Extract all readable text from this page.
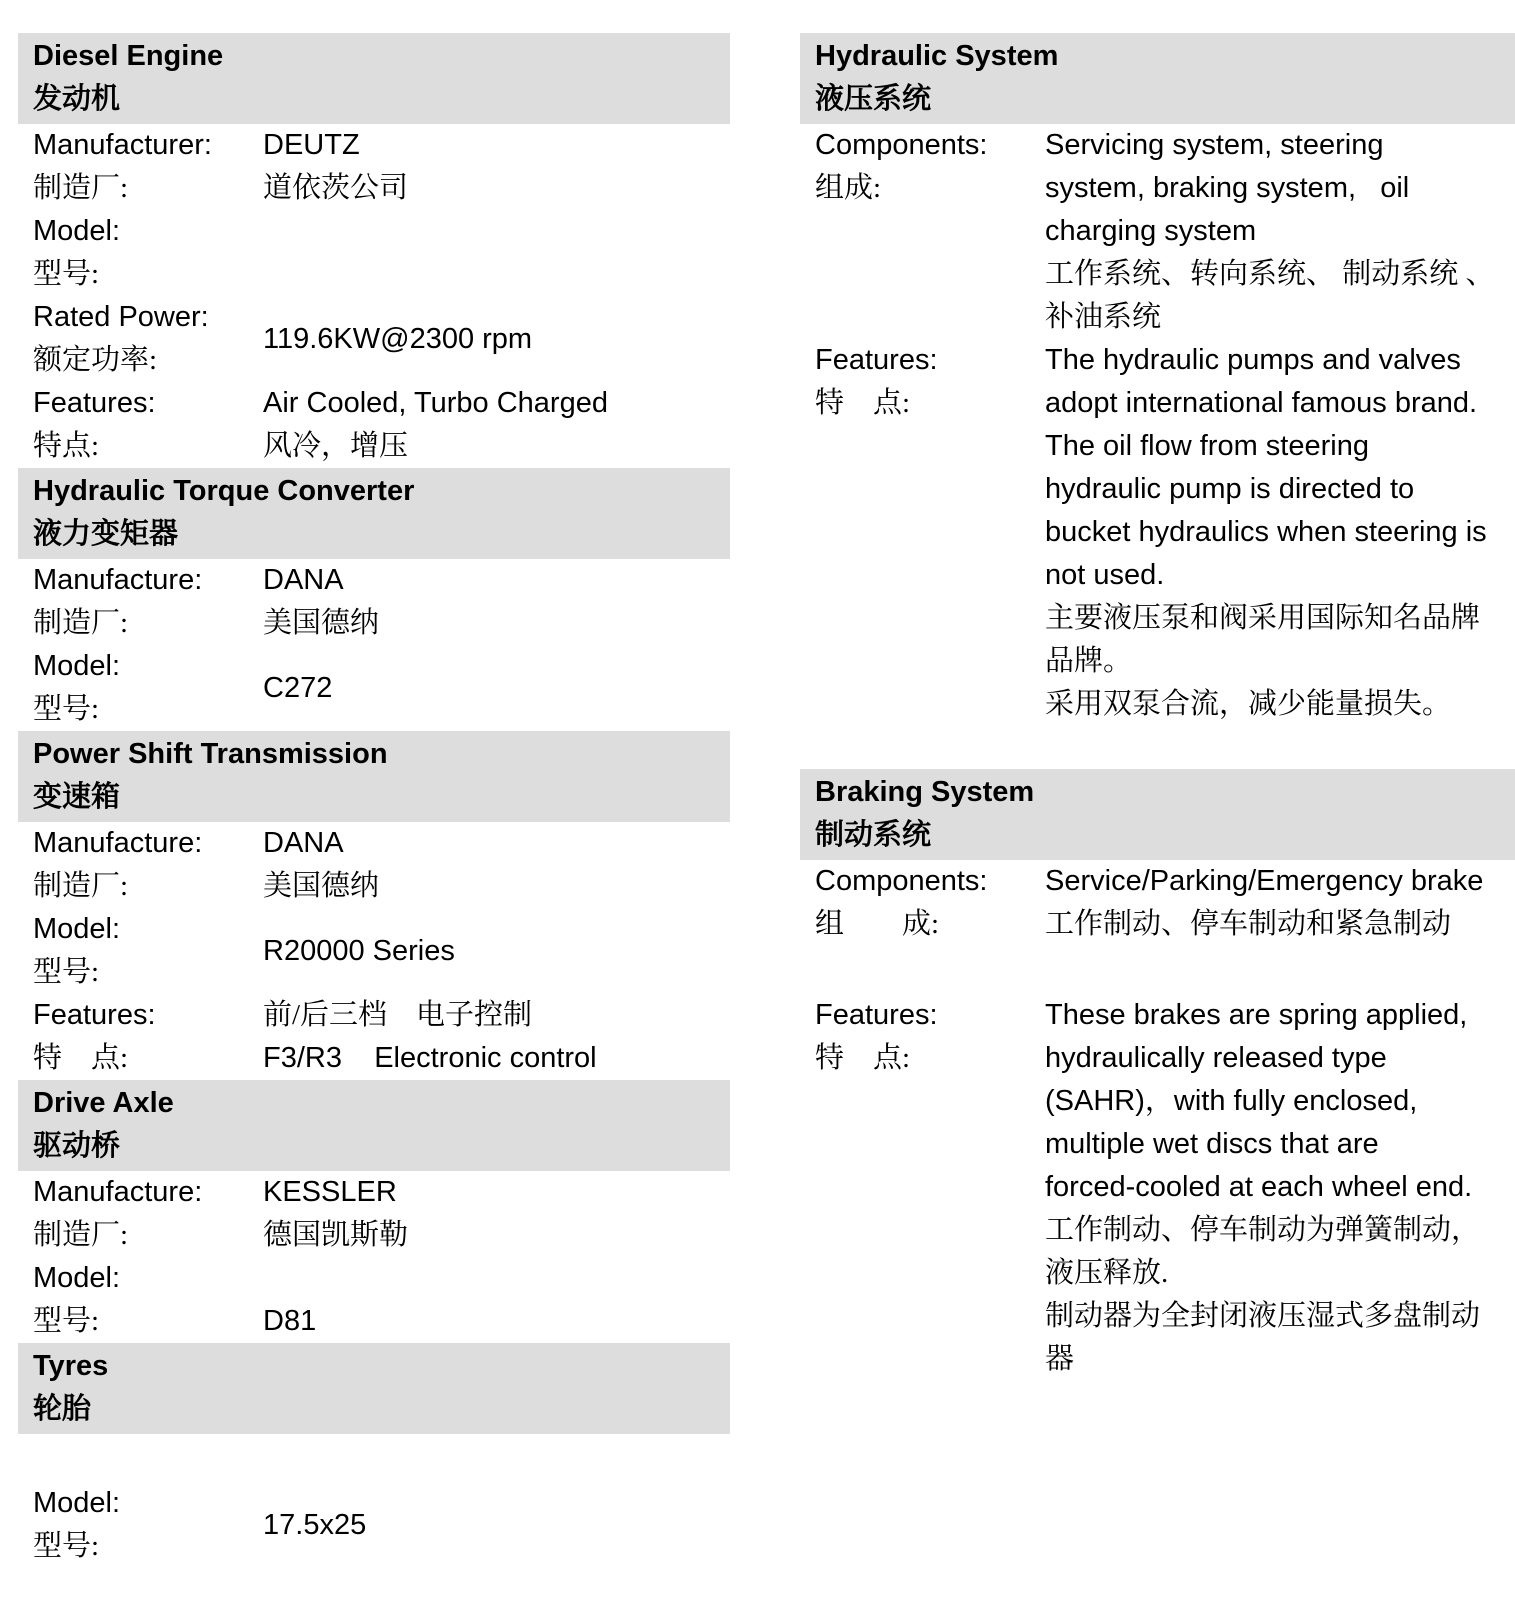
Diesel Engine
发动机
Manufacturer:
制造厂:
DEUTZ
道依茨公司
Model:
型号:
Rated Power:
额定功率:
119.6KW@2300 rpm
Features:
特点:
Air Cooled, Turbo Charged
风冷，增压
Hydraulic Torque Converter
液力变矩器
Manufacture:
制造厂:
DANA
美国德纳
Model:
型号:
C272
Power Shift Transmission
变速箱
Manufacture:
制造厂:
DANA
美国德纳
Model:
型号:
R20000 Series
Features:
特　点:
前/后三档　电子控制
F3/R3    Electronic control
Drive Axle
驱动桥
Manufacture:
制造厂:
KESSLER
德国凯斯勒
Model:
型号:	D81
Tyres
轮胎
Model:
型号:
17.5x25
Hydraulic System
液压系统
Components:
组成:
Servicing system, steering
system, braking system,   oil
charging system
工作系统、转向系统、 制动系统 、
补油系统
Features:
特　点:
The hydraulic pumps and valves
adopt international famous brand.
The oil flow from steering
hydraulic pump is directed to
bucket hydraulics when steering is
not used.
主要液压泵和阀采用国际知名品牌
品牌。
采用双泵合流，减少能量损失。
Braking System
制动系统
Components:
组　　成:
Service/Parking/Emergency brake
工作制动、停车制动和紧急制动
Features:
特　点:
These brakes are spring applied,
hydraulically released type
(SAHR)，with fully enclosed,
multiple wet discs that are
forced-cooled at each wheel end.
工作制动、停车制动为弹簧制动，
液压释放.
制动器为全封闭液压湿式多盘制动
器
